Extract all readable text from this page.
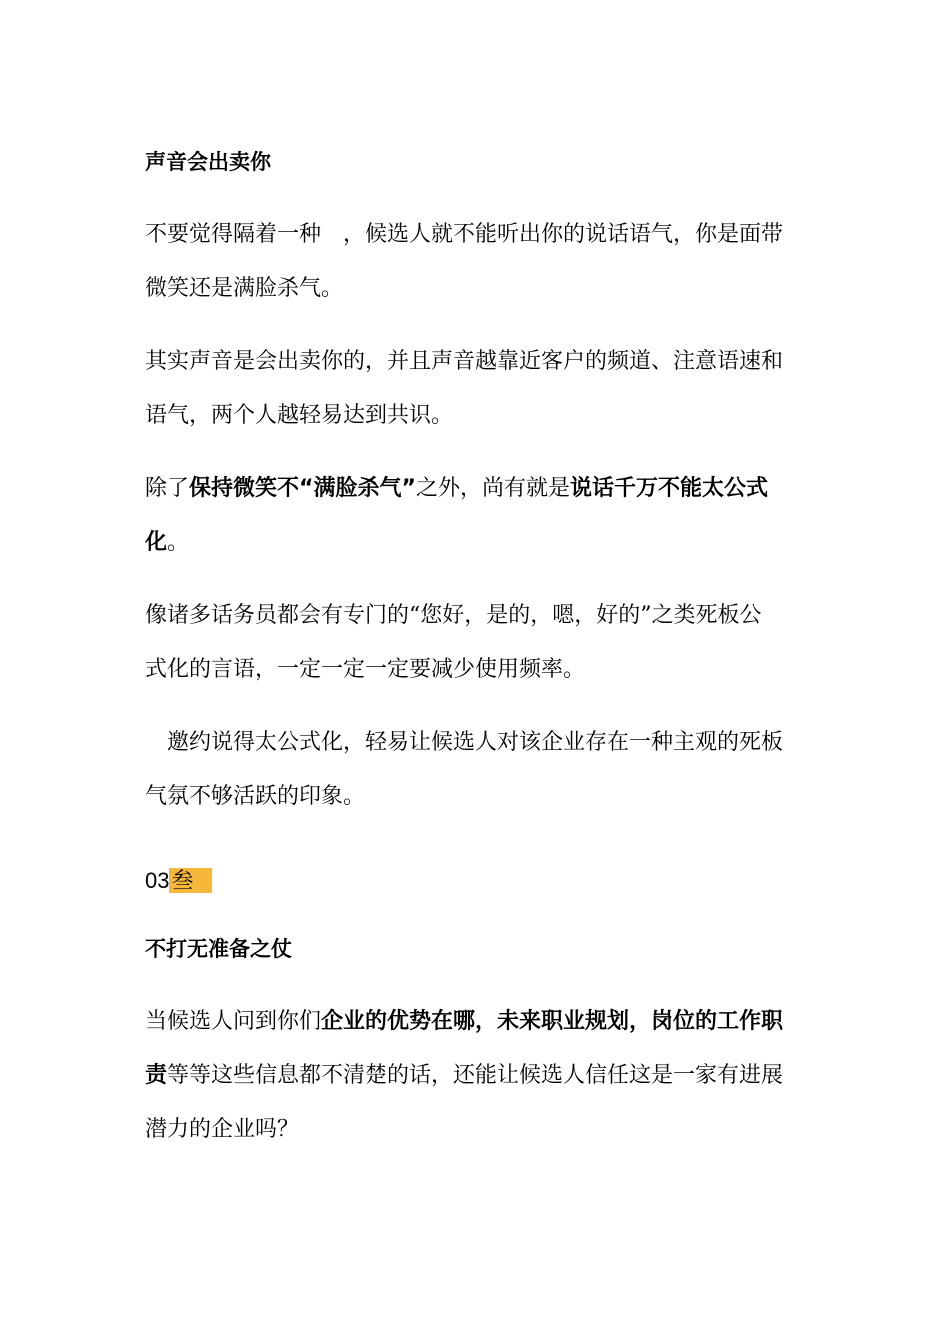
声音会出卖你
不要觉得隔着一种　，候选人就不能听出你的说话语气，你是面带
微笑还是满脸杀气。
其实声音是会出卖你的，并且声音越靠近客户的频道、注意语速和
语气，两个人越轻易达到共识。
除了保持微笑不“满脸杀气”之外，尚有就是说话千万不能太公式
化。
像诸多话务员都会有专门的“您好，是的，嗯，好的”之类死板公
式化的言语，一定一定一定要减少使用频率。
　邀约说得太公式化，轻易让候选人对该企业存在一种主观的死板
气氛不够活跃的印象。
03叁
不打无准备之仗
当候选人问到你们企业的优势在哪，未来职业规划，岗位的工作职
责等等这些信息都不清楚的话，还能让候选人信任这是一家有进展
潜力的企业吗？
